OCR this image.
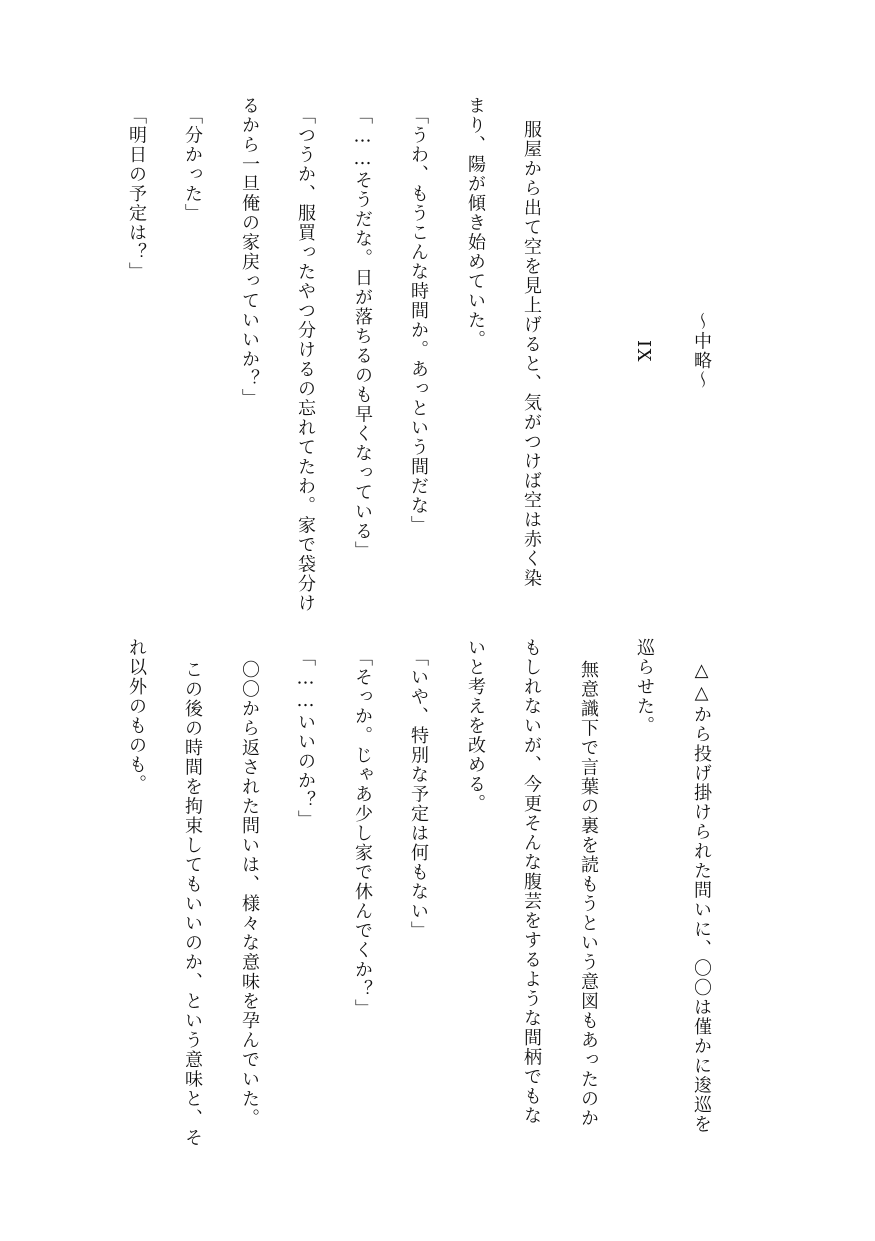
～中略～
IX
服屋から出て空を見上げると、気がつけば空は赤く染
まり、陽が傾き始めていた。
「うわ、もうこんな時間か。あっという間だな」
「……そうだな。日が落ちるのも早くなっている」
「つうか、服買ったやつ分けるの忘れてたわ。家で袋分け
るから一旦俺の家戻っていいか？」
「分かった」
「明日の予定は？」
△△から投げ掛けられた問いに、〇〇は僅かに逡巡を
巡らせた。
無意識下で言葉の裏を読もうという意図もあったのか
もしれないが、今更そんな腹芸をするような間柄でもな
いと考えを改める。
「いや、特別な予定は何もない」
「そっか。じゃあ少し家で休んでくか？」
「……いいのか？」
〇〇から返された問いは、様々な意味を孕んでいた。
この後の時間を拘束してもいいのか、という意味と、そ
れ以外のものも。
